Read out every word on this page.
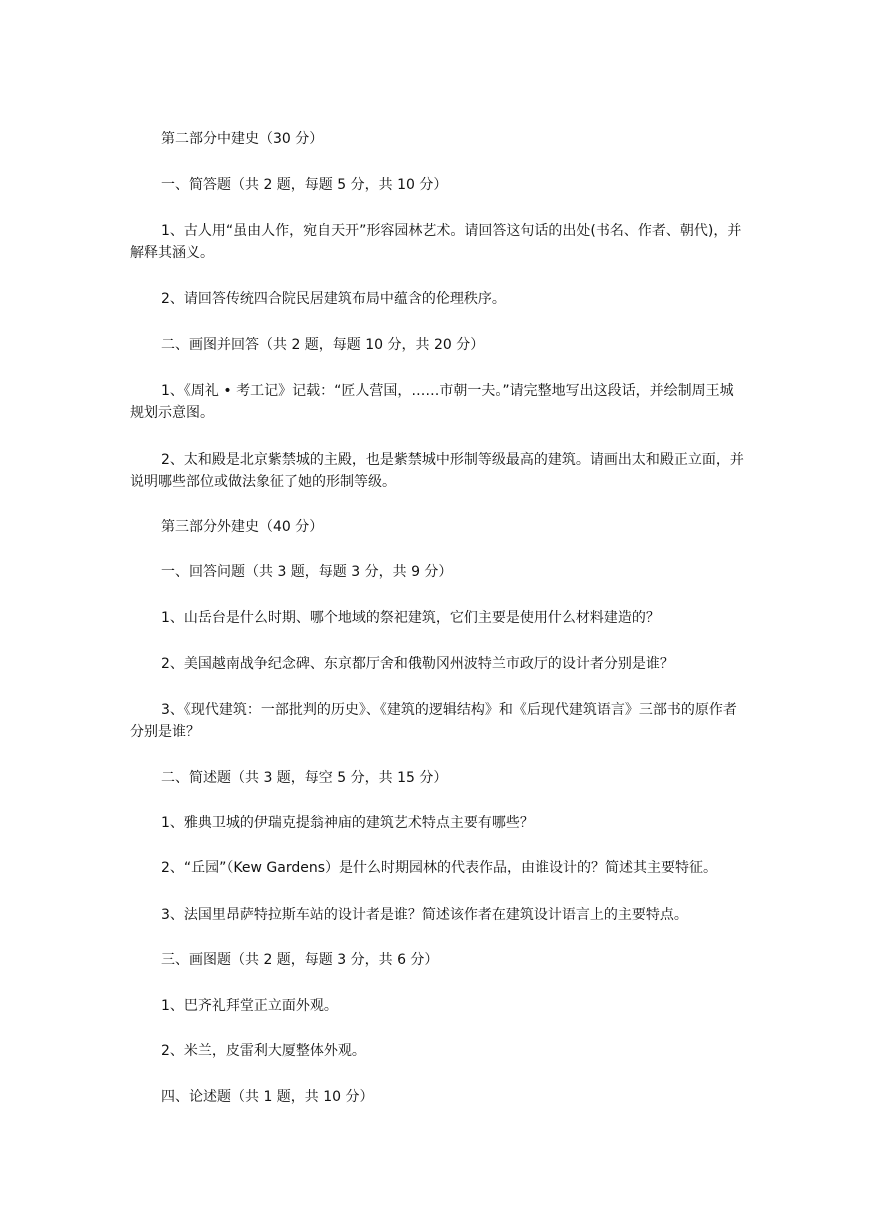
第二部分中建史（30 分）

一、简答题（共 2 题，每题 5 分，共 10 分）

1、古人用“虽由人作，宛自天开”形容园林艺术。请回答这句话的出处(书名、作者、朝代)，并解释其涵义。

2、请回答传统四合院民居建筑布局中蕴含的伦理秩序。

二、画图并回答（共 2 题，每题 10 分，共 20 分）

1、《周礼 • 考工记》记载：“匠人营国，……市朝一夫。”请完整地写出这段话，并绘制周王城规划示意图。

2、太和殿是北京紫禁城的主殿，也是紫禁城中形制等级最高的建筑。请画出太和殿正立面，并说明哪些部位或做法象征了她的形制等级。

第三部分外建史（40 分）

一、回答问题（共 3 题，每题 3 分，共 9 分）

1、山岳台是什么时期、哪个地域的祭祀建筑，它们主要是使用什么材料建造的？

2、美国越南战争纪念碑、东京都厅舍和俄勒冈州波特兰市政厅的设计者分别是谁？

3、《现代建筑：一部批判的历史》、《建筑的逻辑结构》和《后现代建筑语言》三部书的原作者分别是谁？

二、简述题（共 3 题，每空 5 分，共 15 分）

1、雅典卫城的伊瑞克提翁神庙的建筑艺术特点主要有哪些？

2、“丘园”（Kew Gardens）是什么时期园林的代表作品，由谁设计的？简述其主要特征。

3、法国里昂萨特拉斯车站的设计者是谁？简述该作者在建筑设计语言上的主要特点。

三、画图题（共 2 题，每题 3 分，共 6 分）

1、巴齐礼拜堂正立面外观。

2、米兰，皮雷利大厦整体外观。

四、论述题（共 1 题，共 10 分）
